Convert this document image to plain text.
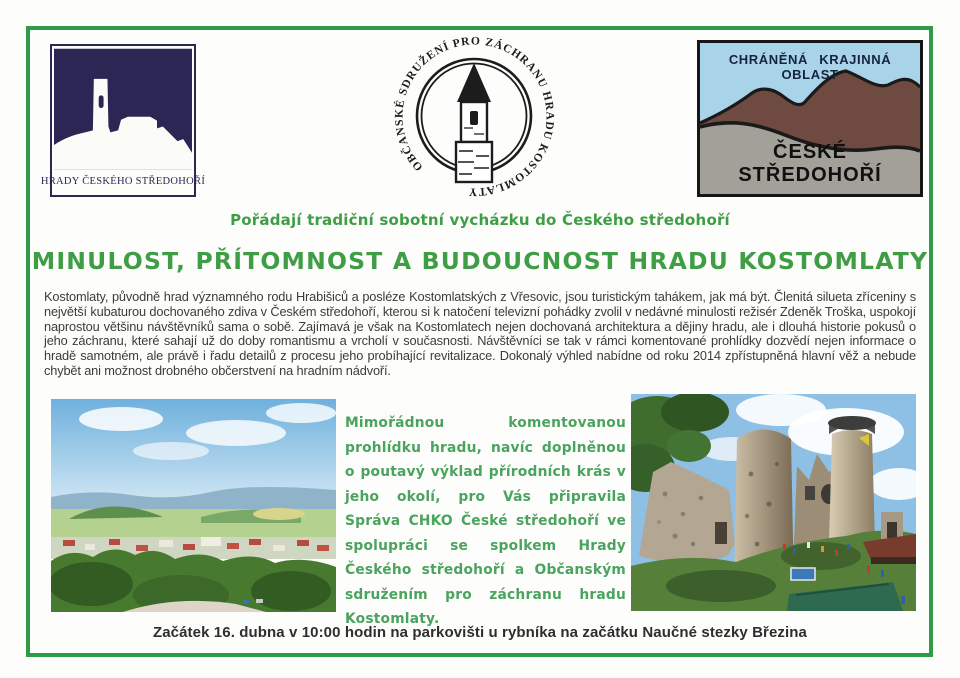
HRADY ČESKÉHO STŘEDOHOŘÍ
OBČANSKÉ SDRUŽENÍ PRO ZÁCHRANU HRADU KOSTOMLATY
CHRÁNĚNÁ KRAJINNÁ OBLAST
ČESKÉ STŘEDOHOŘÍ
Pořádají tradiční sobotní vycházku do Českého středohoří
MINULOST, PŘÍTOMNOST A BUDOUCNOST HRADU KOSTOMLATY
Kostomlaty, původně hrad významného rodu Hrabišiců a posléze Kostomlatských z Vřesovic, jsou turistickým tahákem, jak má být. Členitá silueta zříceniny s největší kubaturou dochovaného zdiva v Českém středohoří, kterou si k natočení televizní pohádky zvolil v nedávné minulosti režisér Zdeněk Troška, uspokojí naprostou většinu návštěvníků sama o sobě. Zajímavá je však na Kostomlatech nejen dochovaná architektura a dějiny hradu, ale i dlouhá historie pokusů o jeho záchranu, které sahají už do doby romantismu a vrcholí v současnosti. Návštěvníci se tak v rámci komentované prohlídky dozvědí nejen informace o hradě samotném, ale právě i řadu detailů z procesu jeho probíhající revitalizace. Dokonalý výhled nabídne od roku 2014 zpřístupněná hlavní věž a nebude chybět ani možnost drobného občerstvení na hradním nádvoří.
Mimořádnou komentovanou prohlídku hradu, navíc doplněnou o poutavý výklad přírodních krás v jeho okolí, pro Vás připravila Správa CHKO České středohoří ve spolupráci se spolkem Hrady Českého středohoří a Občanským sdružením pro záchranu hradu Kostomlaty.
Začátek 16. dubna v 10:00 hodin na parkovišti u rybníka na začátku Naučné stezky Březina
